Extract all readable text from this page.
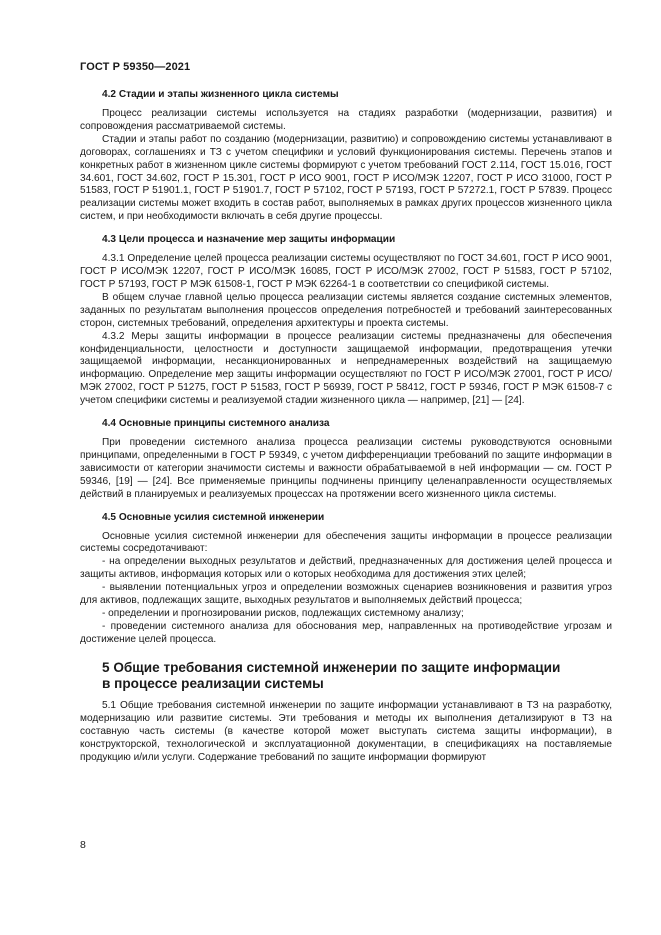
ГОСТ Р 59350—2021
4.2 Стадии и этапы жизненного цикла системы

Процесс реализации системы используется на стадиях разработки (модернизации, развития) и сопровождения рассматриваемой системы.

Стадии и этапы работ по созданию (модернизации, развитию) и сопровождению системы устанавливают в договорах, соглашениях и ТЗ с учетом специфики и условий функционирования системы. Перечень этапов и конкретных работ в жизненном цикле системы формируют с учетом требований ГОСТ 2.114, ГОСТ 15.016, ГОСТ 34.601, ГОСТ 34.602, ГОСТ Р 15.301, ГОСТ Р ИСО 9001, ГОСТ Р ИСО/МЭК 12207, ГОСТ Р ИСО 31000, ГОСТ Р 51583, ГОСТ Р 51901.1, ГОСТ Р 51901.7, ГОСТ Р 57102, ГОСТ Р 57193, ГОСТ Р 57272.1, ГОСТ Р 57839. Процесс реализации системы может входить в состав работ, выполняемых в рамках других процессов жизненного цикла систем, и при необходимости включать в себя другие процессы.

4.3 Цели процесса и назначение мер защиты информации

4.3.1 Определение целей процесса реализации системы осуществляют по ГОСТ 34.601, ГОСТ Р ИСО 9001, ГОСТ Р ИСО/МЭК 12207, ГОСТ Р ИСО/МЭК 16085, ГОСТ Р ИСО/МЭК 27002, ГОСТ Р 51583, ГОСТ Р 57102, ГОСТ Р 57193, ГОСТ Р МЭК 61508-1, ГОСТ Р МЭК 62264-1 в соответствии со спецификой системы.

В общем случае главной целью процесса реализации системы является создание системных элементов, заданных по результатам выполнения процессов определения потребностей и требований заинтересованных сторон, системных требований, определения архитектуры и проекта системы.

4.3.2 Меры защиты информации в процессе реализации системы предназначены для обеспечения конфиденциальности, целостности и доступности защищаемой информации, предотвращения утечки защищаемой информации, несанкционированных и непреднамеренных воздействий на защищаемую информацию. Определение мер защиты информации осуществляют по ГОСТ Р ИСО/МЭК 27001, ГОСТ Р ИСО/МЭК 27002, ГОСТ Р 51275, ГОСТ Р 51583, ГОСТ Р 56939, ГОСТ Р 58412, ГОСТ Р 59346, ГОСТ Р МЭК 61508-7 с учетом специфики системы и реализуемой стадии жизненного цикла — например, [21] — [24].

4.4 Основные принципы системного анализа

При проведении системного анализа процесса реализации системы руководствуются основными принципами, определенными в ГОСТ Р 59349, с учетом дифференциации требований по защите информации в зависимости от категории значимости системы и важности обрабатываемой в ней информации — см. ГОСТ Р 59346, [19] — [24]. Все применяемые принципы подчинены принципу целенаправленности осуществляемых действий в планируемых и реализуемых процессах на протяжении всего жизненного цикла системы.

4.5 Основные усилия системной инженерии

Основные усилия системной инженерии для обеспечения защиты информации в процессе реализации системы сосредотачивают:

- на определении выходных результатов и действий, предназначенных для достижения целей процесса и защиты активов, информация которых или о которых необходима для достижения этих целей;

- выявлении потенциальных угроз и определении возможных сценариев возникновения и развития угроз для активов, подлежащих защите, выходных результатов и выполняемых действий процесса;

- определении и прогнозировании рисков, подлежащих системному анализу;

- проведении системного анализа для обоснования мер, направленных на противодействие угрозам и достижение целей процесса.

5 Общие требования системной инженерии по защите информации
в процессе реализации системы

5.1 Общие требования системной инженерии по защите информации устанавливают в ТЗ на разработку, модернизацию или развитие системы. Эти требования и методы их выполнения детализируют в ТЗ на составную часть системы (в качестве которой может выступать система защиты информации), в конструкторской, технологической и эксплуатационной документации, в спецификациях на поставляемые продукцию и/или услуги. Содержание требований по защите информации формируют

8
